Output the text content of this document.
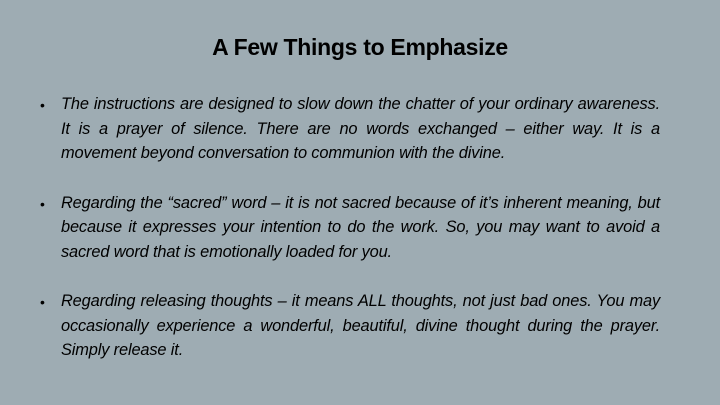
A Few Things to Emphasize
• The instructions are designed to slow down the chatter of your ordinary awareness. It is a prayer of silence. There are no words exchanged – either way. It is a movement beyond conversation to communion with the divine.
• Regarding the “sacred” word – it is not sacred because of it’s inherent meaning, but because it expresses your intention to do the work. So, you may want to avoid a sacred word that is emotionally loaded for you.
• Regarding releasing thoughts – it means ALL thoughts, not just bad ones. You may occasionally experience a wonderful, beautiful, divine thought during the prayer. Simply release it.
